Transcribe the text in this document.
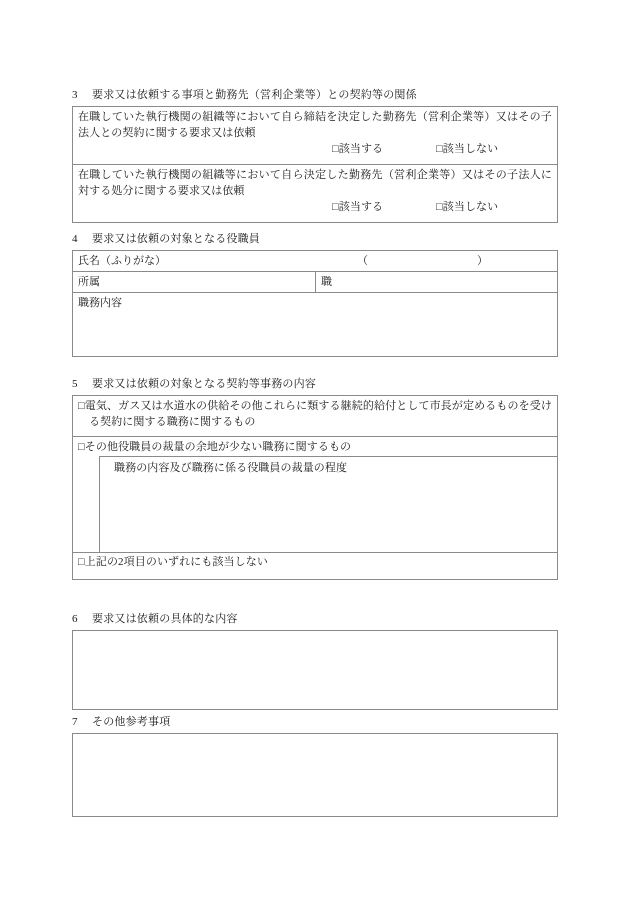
3 要求又は依頼する事項と勤務先（営利企業等）との契約等の関係
在職していた執行機関の組織等において自ら締結を決定した勤務先（営利企業等）又はその子法人との契約に関する要求又は依頼
□該当する	□該当しない
在職していた執行機関の組織等において自ら決定した勤務先（営利企業等）又はその子法人に対する処分に関する要求又は依頼
□該当する	□該当しない
4 要求又は依頼の対象となる役職員
氏名（ふりがな）	（	）
所属	職
職務内容
5 要求又は依頼の対象となる契約等事務の内容
□電気、ガス又は水道水の供給その他これらに類する継続的給付として市長が定めるものを受ける契約に関する職務に関するもの
□その他役職員の裁量の余地が少ない職務に関するもの
職務の内容及び職務に係る役職員の裁量の程度
□上記の2項目のいずれにも該当しない
6 要求又は依頼の具体的な内容
7 その他参考事項
